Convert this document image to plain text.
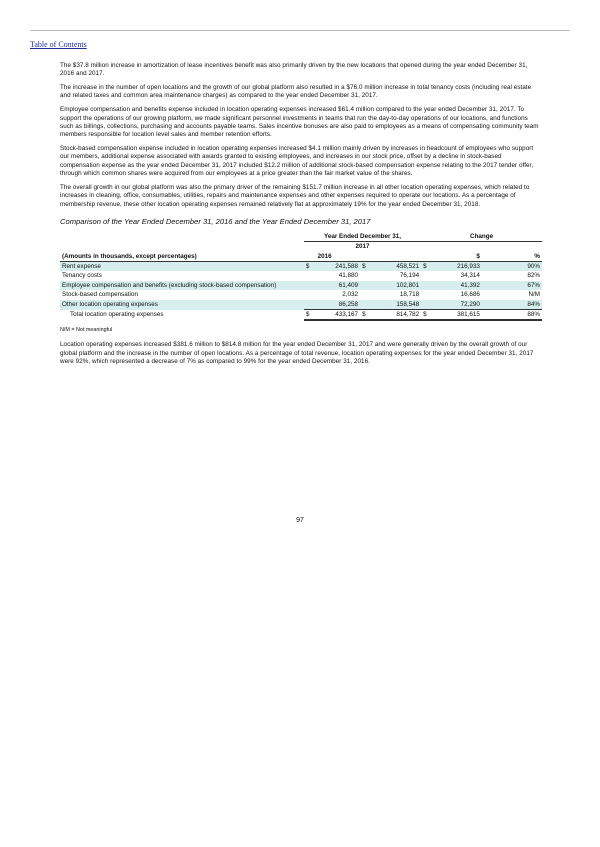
Table of Contents

The $37.8 million increase in amortization of lease incentives benefit was also primarily driven by the new locations that opened during the year ended December 31, 2016 and 2017.

The increase in the number of open locations and the growth of our global platform also resulted in a $76.0 million increase in total tenancy costs (including real estate and related taxes and common area maintenance charges) as compared to the year ended December 31, 2017.

Employee compensation and benefits expense included in location operating expenses increased $61.4 million compared to the year ended December 31, 2017. To support the operations of our growing platform, we made significant personnel investments in teams that run the day-to-day operations of our locations, and functions such as billings, collections, purchasing and accounts payable teams. Sales incentive bonuses are also paid to employees as a means of compensating community team members responsible for location level sales and member retention efforts.

Stock-based compensation expense included in location operating expenses increased $4.1 million mainly driven by increases in headcount of employees who support our members, additional expense associated with awards granted to existing employees, and increases in our stock price, offset by a decline in stock-based compensation expense as the year ended December 31, 2017 included $12.2 million of additional stock-based compensation expense relating to the 2017 tender offer, through which common shares were acquired from our employees at a price greater than the fair market value of the shares.

The overall growth in our global platform was also the primary driver of the remaining $151.7 million increase in all other location operating expenses, which related to increases in cleaning, office, consumables, utilities, repairs and maintenance expenses and other expenses required to operate our locations. As a percentage of membership revenue, these other location operating expenses remained relatively flat at approximately 19% for the year ended December 31, 2018.

Comparison of the Year Ended December 31, 2016 and the Year Ended December 31, 2017
	Year Ended December 31,				Change		
	2017						
(Amounts in thousands, except percentages)		2016				$	%
Rent expense	$	241,588	$	458,521	$	216,933	90%
Tenancy costs		41,880		76,194		34,314	82%
Employee compensation and benefits (excluding stock-based compensation)		61,409		102,801		41,392	67%
Stock-based compensation		2,032		18,718		16,686	N/M
Other location operating expenses		86,258		158,548		72,290	84%
Total location operating expenses	$	433,167	$	814,782	$	381,615	88%
N/M = Not meaningful

Location operating expenses increased $381.6 million to $814.8 million for the year ended December 31, 2017 and were generally driven by the overall growth of our global platform and the increase in the number of open locations. As a percentage of total revenue, location operating expenses for the year ended December 31, 2017 were 92%, which represented a decrease of 7% as compared to 99% for the year ended December 31, 2016.

97
